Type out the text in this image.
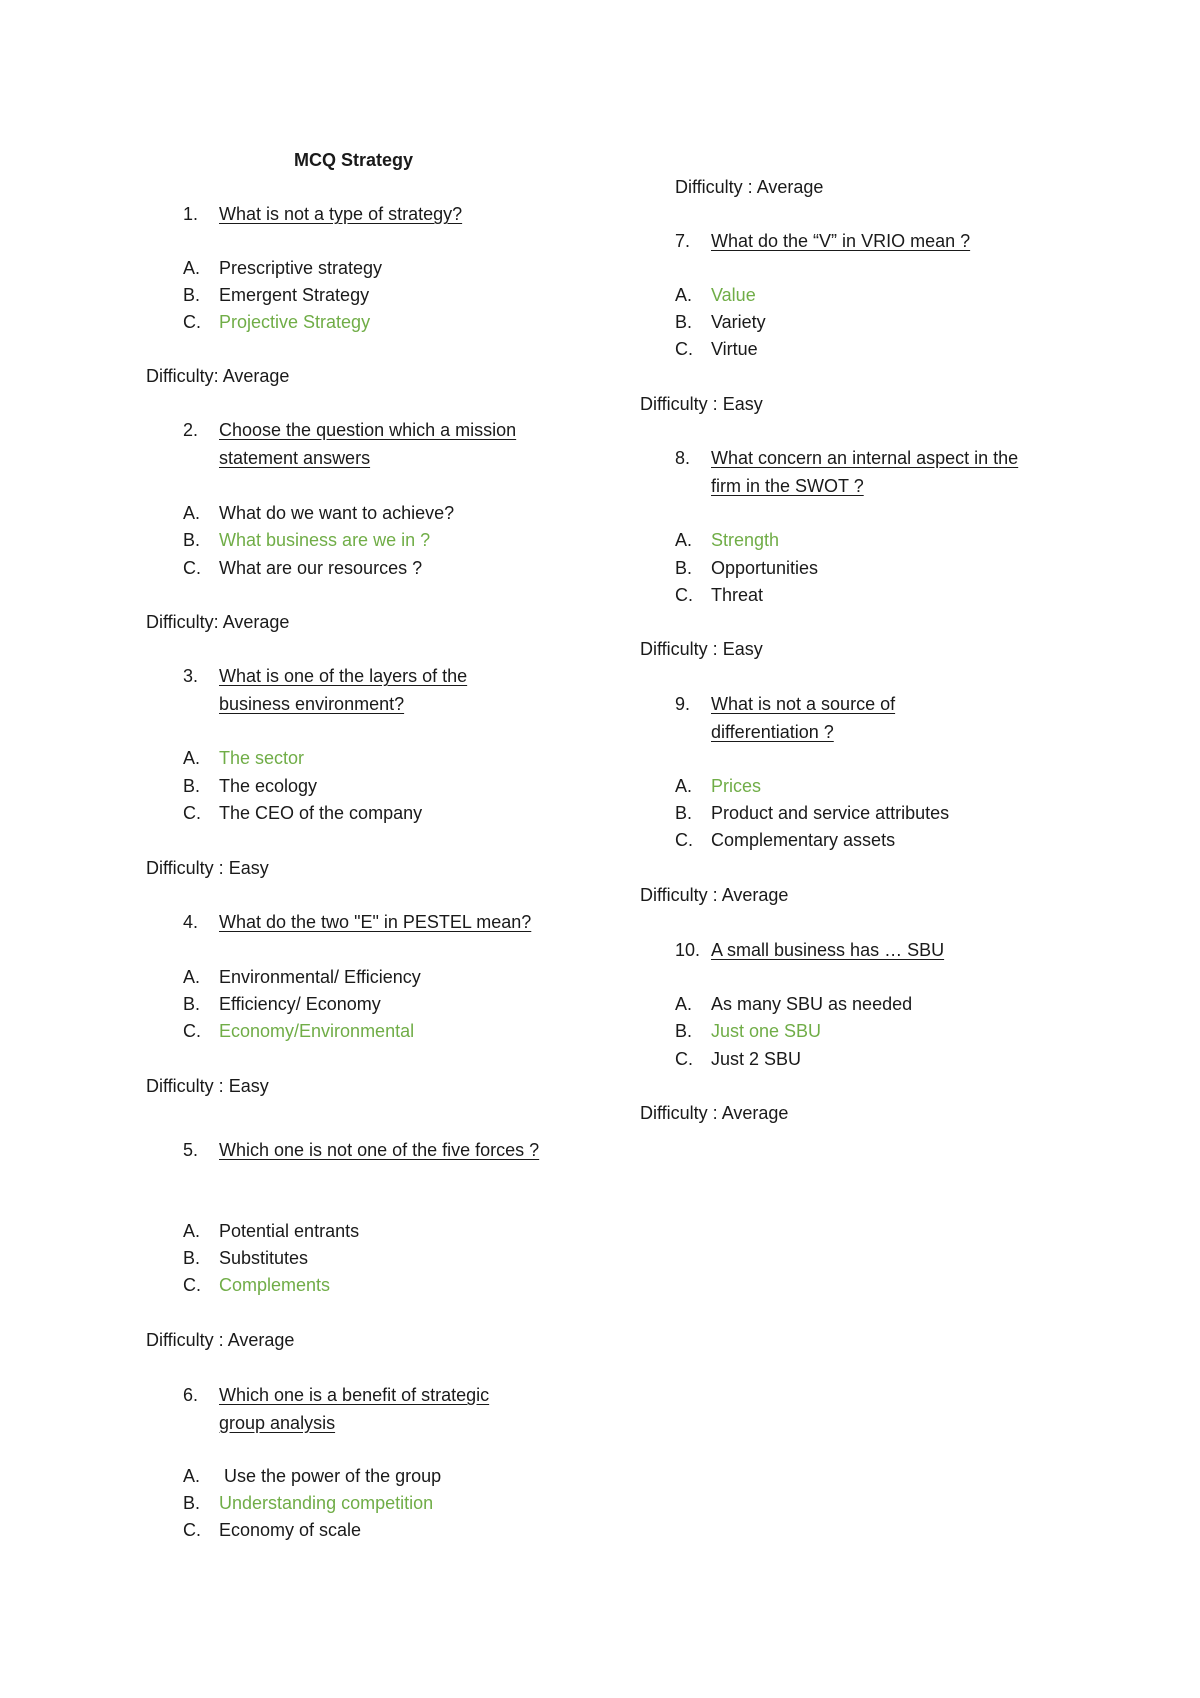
MCQ Strategy
Difficulty : Average
1.	What is not a type of strategy?
A. Prescriptive strategy
B. Emergent Strategy
C. Projective Strategy
Difficulty: Average
2.	Choose the question which a mission statement answers
A. What do we want to achieve?
B. What business are we in ?
C. What are our resources ?
Difficulty: Average
3.	What is one of the layers of the business environment?
A. The sector
B. The ecology
C. The CEO of the company
Difficulty : Easy
4.	What do the two "E" in PESTEL mean?
A. Environmental/ Efficiency
B. Efficiency/ Economy
C. Economy/Environmental
Difficulty : Easy
5.	Which one is not one of the five forces ?
A. Potential entrants
B. Substitutes
C. Complements
Difficulty : Average
6.	Which one is a benefit of strategic group analysis
A. Use the power of the group
B. Understanding competition
C. Economy of scale
7.	What do the “V” in VRIO mean ?
A. Value
B. Variety
C. Virtue
Difficulty : Easy
8.	What concern an internal aspect in the firm in the SWOT ?
A. Strength
B. Opportunities
C. Threat
Difficulty : Easy
9.	What is not a source of differentiation ?
A. Prices
B. Product and service attributes
C. Complementary assets
Difficulty : Average
10. A small business has … SBU
A. As many SBU as needed
B. Just one SBU
C. Just 2 SBU
Difficulty : Average
